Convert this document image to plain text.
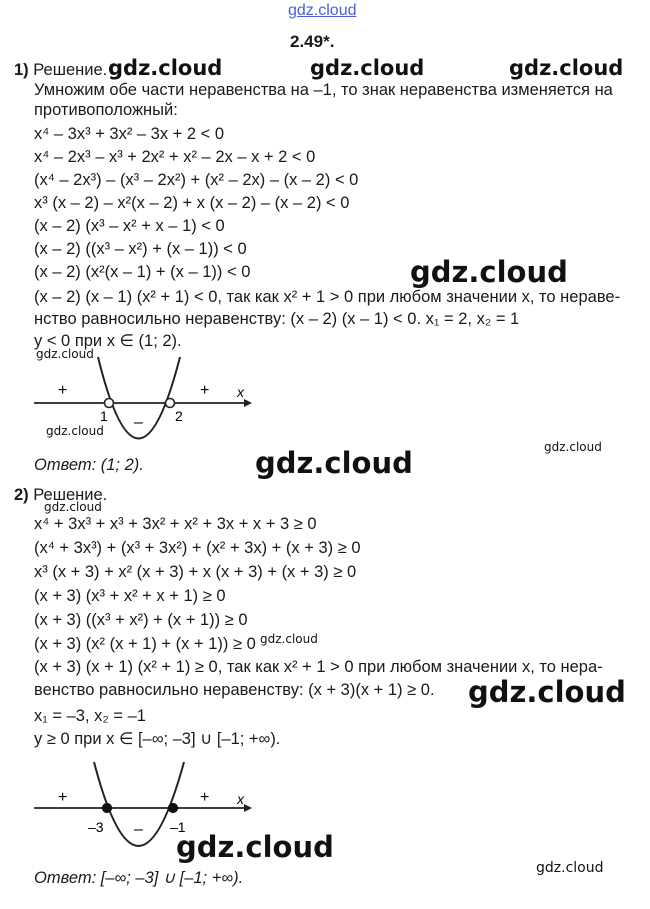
gdz.cloud
2.49*.
1) Решение. gdz.cloud	gdz.cloud	gdz.cloud
Умножим обе части неравенства на –1, то знак неравенства изменяется на
противоположный:
x⁴ – 3x³ + 3x² – 3x + 2 < 0
x⁴ – 2x³ – x³ + 2x² + x² – 2x – x + 2 < 0
(x⁴ – 2x³) – (x³ – 2x²) + (x² – 2x) – (x – 2) < 0
x³ (x – 2) – x²(x – 2) + x (x – 2) – (x – 2) < 0
(x – 2) (x³ – x² + x – 1) < 0
(x – 2) ((x³ – x²) + (x – 1)) < 0
(x – 2) (x²(x – 1) + (x – 1)) < 0	gdz.cloud
(x – 2) (x – 1) (x² + 1) < 0, так как x² + 1 > 0 при любом значении x, то нераве-
нство равносильно неравенству: (x – 2) (x – 1) < 0. x₁ = 2, x₂ = 1
y < 0 при x ∈ (1; 2).
gdz.cloud
+
–
+ x
1	2
gdz.cloud
gdz.cloud
Ответ: (1; 2).	gdz.cloud
2) Решение.
gdz.cloud
x⁴ + 3x³ + x³ + 3x² + x² + 3x + x + 3 ≥ 0
(x⁴ + 3x³) + (x³ + 3x²) + (x² + 3x) + (x + 3) ≥ 0
x³ (x + 3) + x² (x + 3) + x (x + 3) + (x + 3) ≥ 0
(x + 3) (x³ + x² + x + 1) ≥ 0
(x + 3) ((x³ + x²) + (x + 1)) ≥ 0
(x + 3) (x² (x + 1) + (x + 1)) ≥ 0 gdz.cloud
(x + 3) (x + 1) (x² + 1) ≥ 0, так как x² + 1 > 0 при любом значении x, то нера-
венство равносильно неравенству: (x + 3)(x + 1) ≥ 0. gdz.cloud
x₁ = –3, x₂ = –1
y ≥ 0 при x ∈ [–∞; –3] ∪ [–1; +∞).
+
–
+ x
–3	–1
gdz.cloud
gdz.cloud
Ответ: [–∞; –3] ∪ [–1; +∞).
